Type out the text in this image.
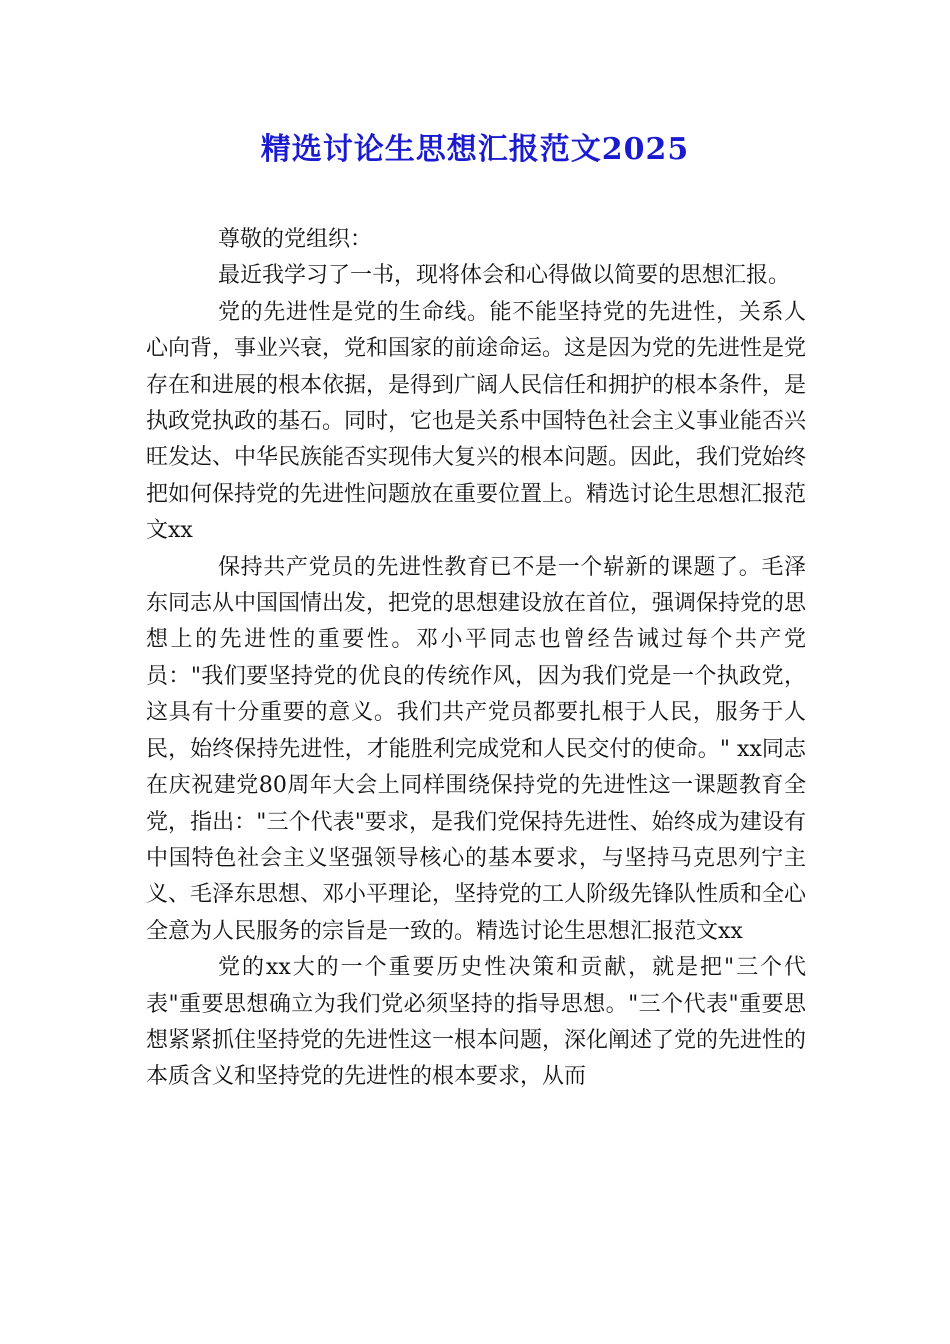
精选讨论生思想汇报范文2025

尊敬的党组织：

最近我学习了一书，现将体会和心得做以简要的思想汇报。

党的先进性是党的生命线。能不能坚持党的先进性，关系人心向背，事业兴衰，党和国家的前途命运。这是因为党的先进性是党存在和进展的根本依据，是得到广阔人民信任和拥护的根本条件，是执政党执政的基石。同时，它也是关系中国特色社会主义事业能否兴旺发达、中华民族能否实现伟大复兴的根本问题。因此，我们党始终把如何保持党的先进性问题放在重要位置上。精选讨论生思想汇报范文xx

保持共产党员的先进性教育已不是一个崭新的课题了。毛泽东同志从中国国情出发，把党的思想建设放在首位，强调保持党的思想上的先进性的重要性。邓小平同志也曾经告诫过每个共产党员："我们要坚持党的优良的传统作风，因为我们党是一个执政党，这具有十分重要的意义。我们共产党员都要扎根于人民，服务于人民，始终保持先进性，才能胜利完成党和人民交付的使命。" xx同志在庆祝建党80周年大会上同样围绕保持党的先进性这一课题教育全党，指出："三个代表"要求，是我们党保持先进性、始终成为建设有中国特色社会主义坚强领导核心的基本要求，与坚持马克思列宁主义、毛泽东思想、邓小平理论，坚持党的工人阶级先锋队性质和全心全意为人民服务的宗旨是一致的。精选讨论生思想汇报范文xx

党的xx大的一个重要历史性决策和贡献，就是把"三个代表"重要思想确立为我们党必须坚持的指导思想。"三个代表"重要思想紧紧抓住坚持党的先进性这一根本问题，深化阐述了党的先进性的本质含义和坚持党的先进性的根本要求，从而
